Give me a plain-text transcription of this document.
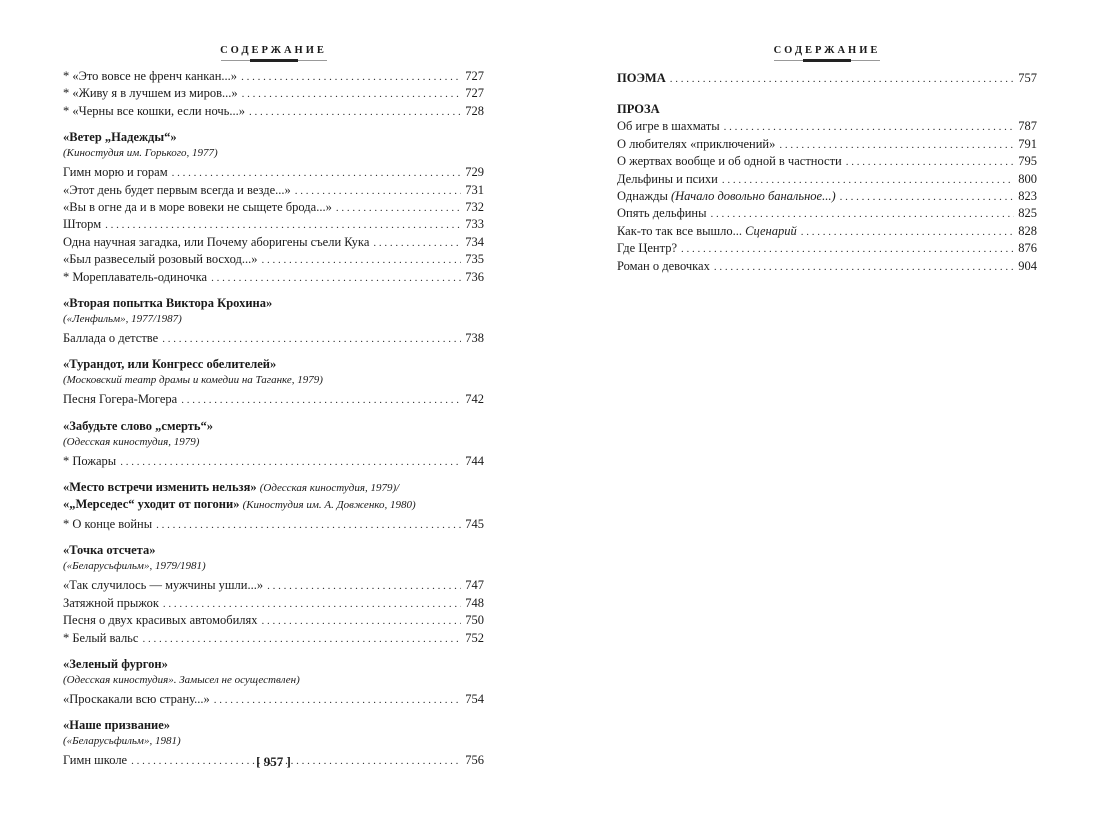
СОДЕРЖАНИЕ
* «Это вовсе не френч канкан...» . . .	727
* «Живу я в лучшем из миров...» . . .	727
* «Черны все кошки, если ночь...» . . .	728
«Ветер „Надежды“»
(Киностудия им. Горького, 1977)
Гимн морю и горам . . .	729
«Этот день будет первым всегда и везде...» . . .	731
«Вы в огне да и в море вовеки не сыщете брода...» . . .	732
Шторм . . .	733
Одна научная загадка, или Почему аборигены съели Кука . . .	734
«Был развеселый розовый восход...» . . .	735
* Мореплаватель-одиночка . . .	736
«Вторая попытка Виктора Крохина»
(«Ленфильм», 1977/1987)
Баллада о детстве . . .	738
«Турандот, или Конгресс обелителей»
(Московский театр драмы и комедии на Таганке, 1979)
Песня Гогера-Могера . . .	742
«Забудьте слово „смерть“»
(Одесская киностудия, 1979)
* Пожары . . .	744
«Место встречи изменить нельзя» (Одесская киностудия, 1979)/
«„Мерседес“ уходит от погони» (Киностудия им. А. Довженко, 1980)
* О конце войны . . .	745
«Точка отсчета»
(«Беларусьфильм», 1979/1981)
«Так случилось — мужчины ушли...» . . .	747
Затяжной прыжок . . .	748
Песня о двух красивых автомобилях . . .	750
* Белый вальс . . .	752
«Зеленый фургон»
(Одесская киностудия». Замысел не осуществлен)
«Проскакали всю страну...» . . .	754
«Наше призвание»
(«Беларусьфильм», 1981)
Гимн школе . . .	756
[ 957 ]
СОДЕРЖАНИЕ
ПОЭМА . . .	757
ПРОЗА
Об игре в шахматы . . .	787
О любителях «приключений» . . .	791
О жертвах вообще и об одной в частности . . .	795
Дельфины и психи . . .	800
Однажды (Начало довольно банальное...) . . .	823
Опять дельфины . . .	825
Как-то так все вышло... Сценарий . . .	828
Где Центр? . . .	876
Роман о девочках . . .	904
